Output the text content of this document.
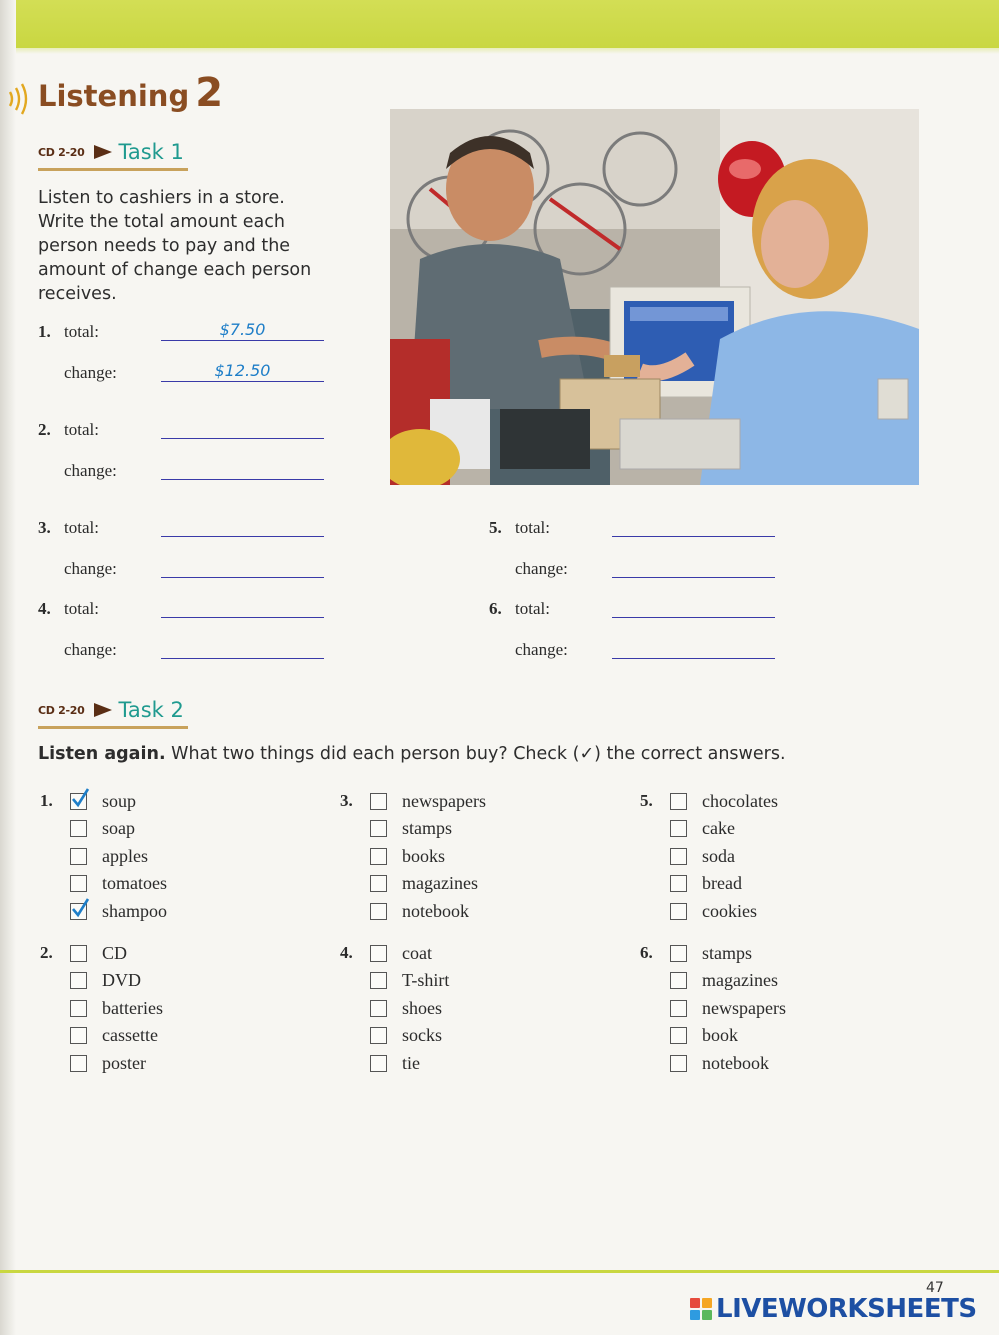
Listening 2
CD 2-20 Task 1
Listen to cashiers in a store. Write the total amount each person needs to pay and the amount of change each person receives.
1. total:	$7.50
change:	$12.50
2. total:
change:
3. total:
change:
4. total:
change:
5. total:
change:
6. total:
change:
CD 2-20 Task 2
Listen again. What two things did each person buy? Check (✓) the correct answers.
1.	soup
soap
apples
tomatoes
shampoo
2.	CD
DVD
batteries
cassette
poster
3.	newspapers
stamps
books
magazines
notebook
4.	coat
T-shirt
shoes
socks
tie
5.	chocolates
cake
soda
bread
cookies
6.	stamps
magazines
newspapers
book
notebook
47
LIVEWORKSHEETS
